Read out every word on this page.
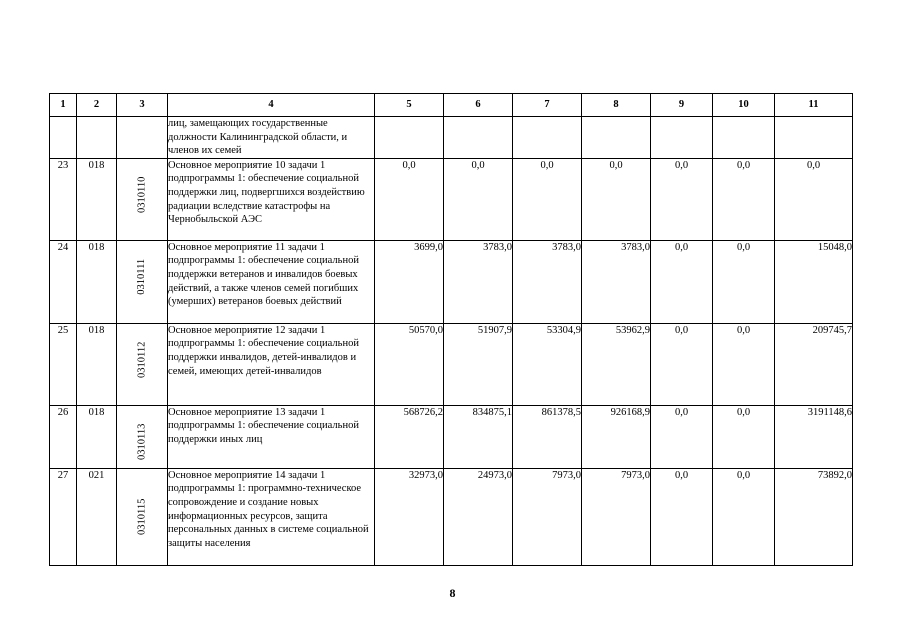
1	2	3	4	5	6	7	8	9	10	11
			лиц, замещающих государственные должности Калининградской области, и членов их семей							
23	018	0310110	Основное мероприятие 10 задачи 1 подпрограммы 1: обеспечение социальной поддержки лиц, подвергшихся воздействию радиации вследствие катастрофы на Чернобыльской АЭС	0,0	0,0	0,0	0,0	0,0	0,0	0,0
24	018	0310111	Основное мероприятие 11 задачи 1 подпрограммы 1: обеспечение социальной поддержки ветеранов и инвалидов боевых действий, а также членов семей погибших (умерших) ветеранов боевых действий	3699,0	3783,0	3783,0	3783,0	0,0	0,0	15048,0
25	018	0310112	Основное мероприятие 12 задачи 1 подпрограммы 1: обеспечение социальной поддержки инвалидов, детей-инвалидов и семей, имеющих детей-инвалидов	50570,0	51907,9	53304,9	53962,9	0,0	0,0	209745,7
26	018	0310113	Основное мероприятие 13 задачи 1 подпрограммы 1: обеспечение социальной поддержки иных лиц	568726,2	834875,1	861378,5	926168,9	0,0	0,0	3191148,6
27	021	0310115	Основное мероприятие 14 задачи 1 подпрограммы 1: программно-техническое сопровождение и создание новых информационных ресурсов, защита персональных данных в системе социальной защиты населения	32973,0	24973,0	7973,0	7973,0	0,0	0,0	73892,0
8
